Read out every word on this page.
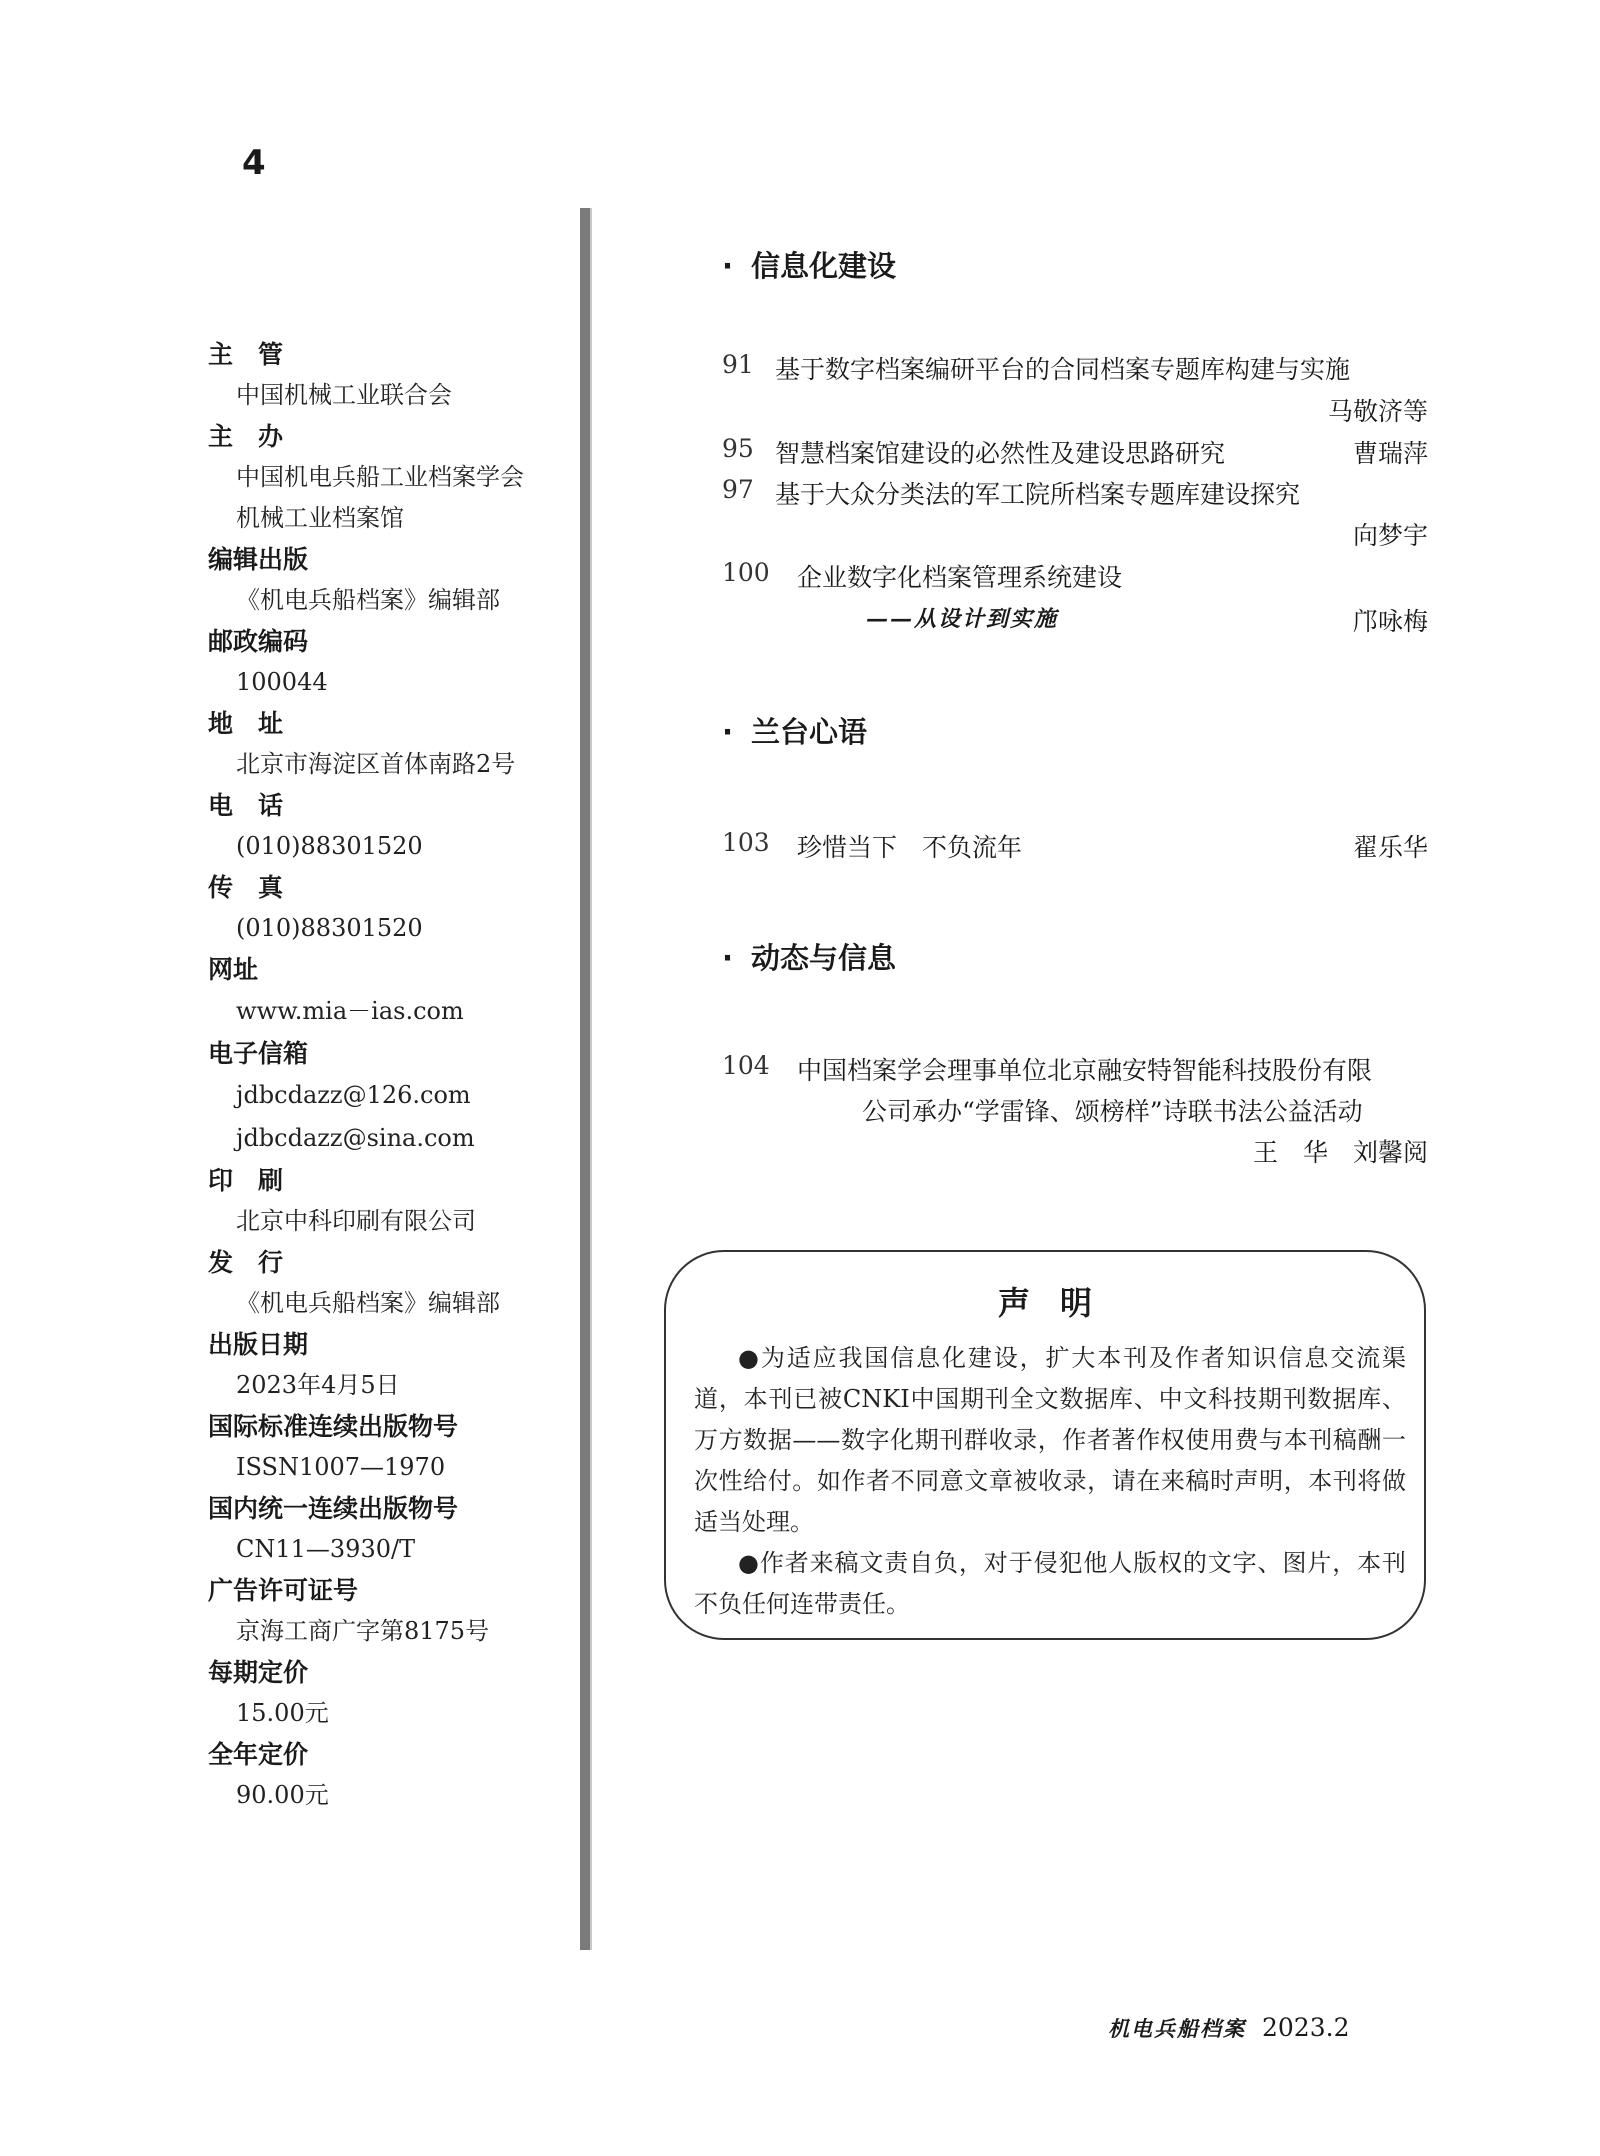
4
主　管
中国机械工业联合会
主　办
中国机电兵船工业档案学会
机械工业档案馆
编辑出版
《机电兵船档案》编辑部
邮政编码
100044
地　址
北京市海淀区首体南路2号
电　话
(010)88301520
传　真
(010)88301520
网址
www.mia－ias.com
电子信箱
jdbcdazz@126.com
jdbcdazz@sina.com
印　刷
北京中科印刷有限公司
发　行
《机电兵船档案》编辑部
出版日期
2023年4月5日
国际标准连续出版物号
ISSN1007—1970
国内统一连续出版物号
CN11—3930/T
广告许可证号
京海工商广字第8175号
每期定价
15.00元
全年定价
90.00元
· 信息化建设
91 基于数字档案编研平台的合同档案专题库构建与实施
马敬济等
95 智慧档案馆建设的必然性及建设思路研究	曹瑞萍
97 基于大众分类法的军工院所档案专题库建设探究
向梦宇
100 企业数字化档案管理系统建设
——从设计到实施	邝咏梅
· 兰台心语
103 珍惜当下　不负流年	翟乐华
· 动态与信息
104 中国档案学会理事单位北京融安特智能科技股份有限
公司承办“学雷锋、颂榜样”诗联书法公益活动
王　华　刘馨阅
声明

●为适应我国信息化建设，扩大本刊及作者知识信息交流渠道，本刊已被CNKI中国期刊全文数据库、中文科技期刊数据库、万方数据——数字化期刊群收录，作者著作权使用费与本刊稿酬一次性给付。如作者不同意文章被收录，请在来稿时声明，本刊将做适当处理。

●作者来稿文责自负，对于侵犯他人版权的文字、图片，本刊不负任何连带责任。

机电兵船档案 2023.2
